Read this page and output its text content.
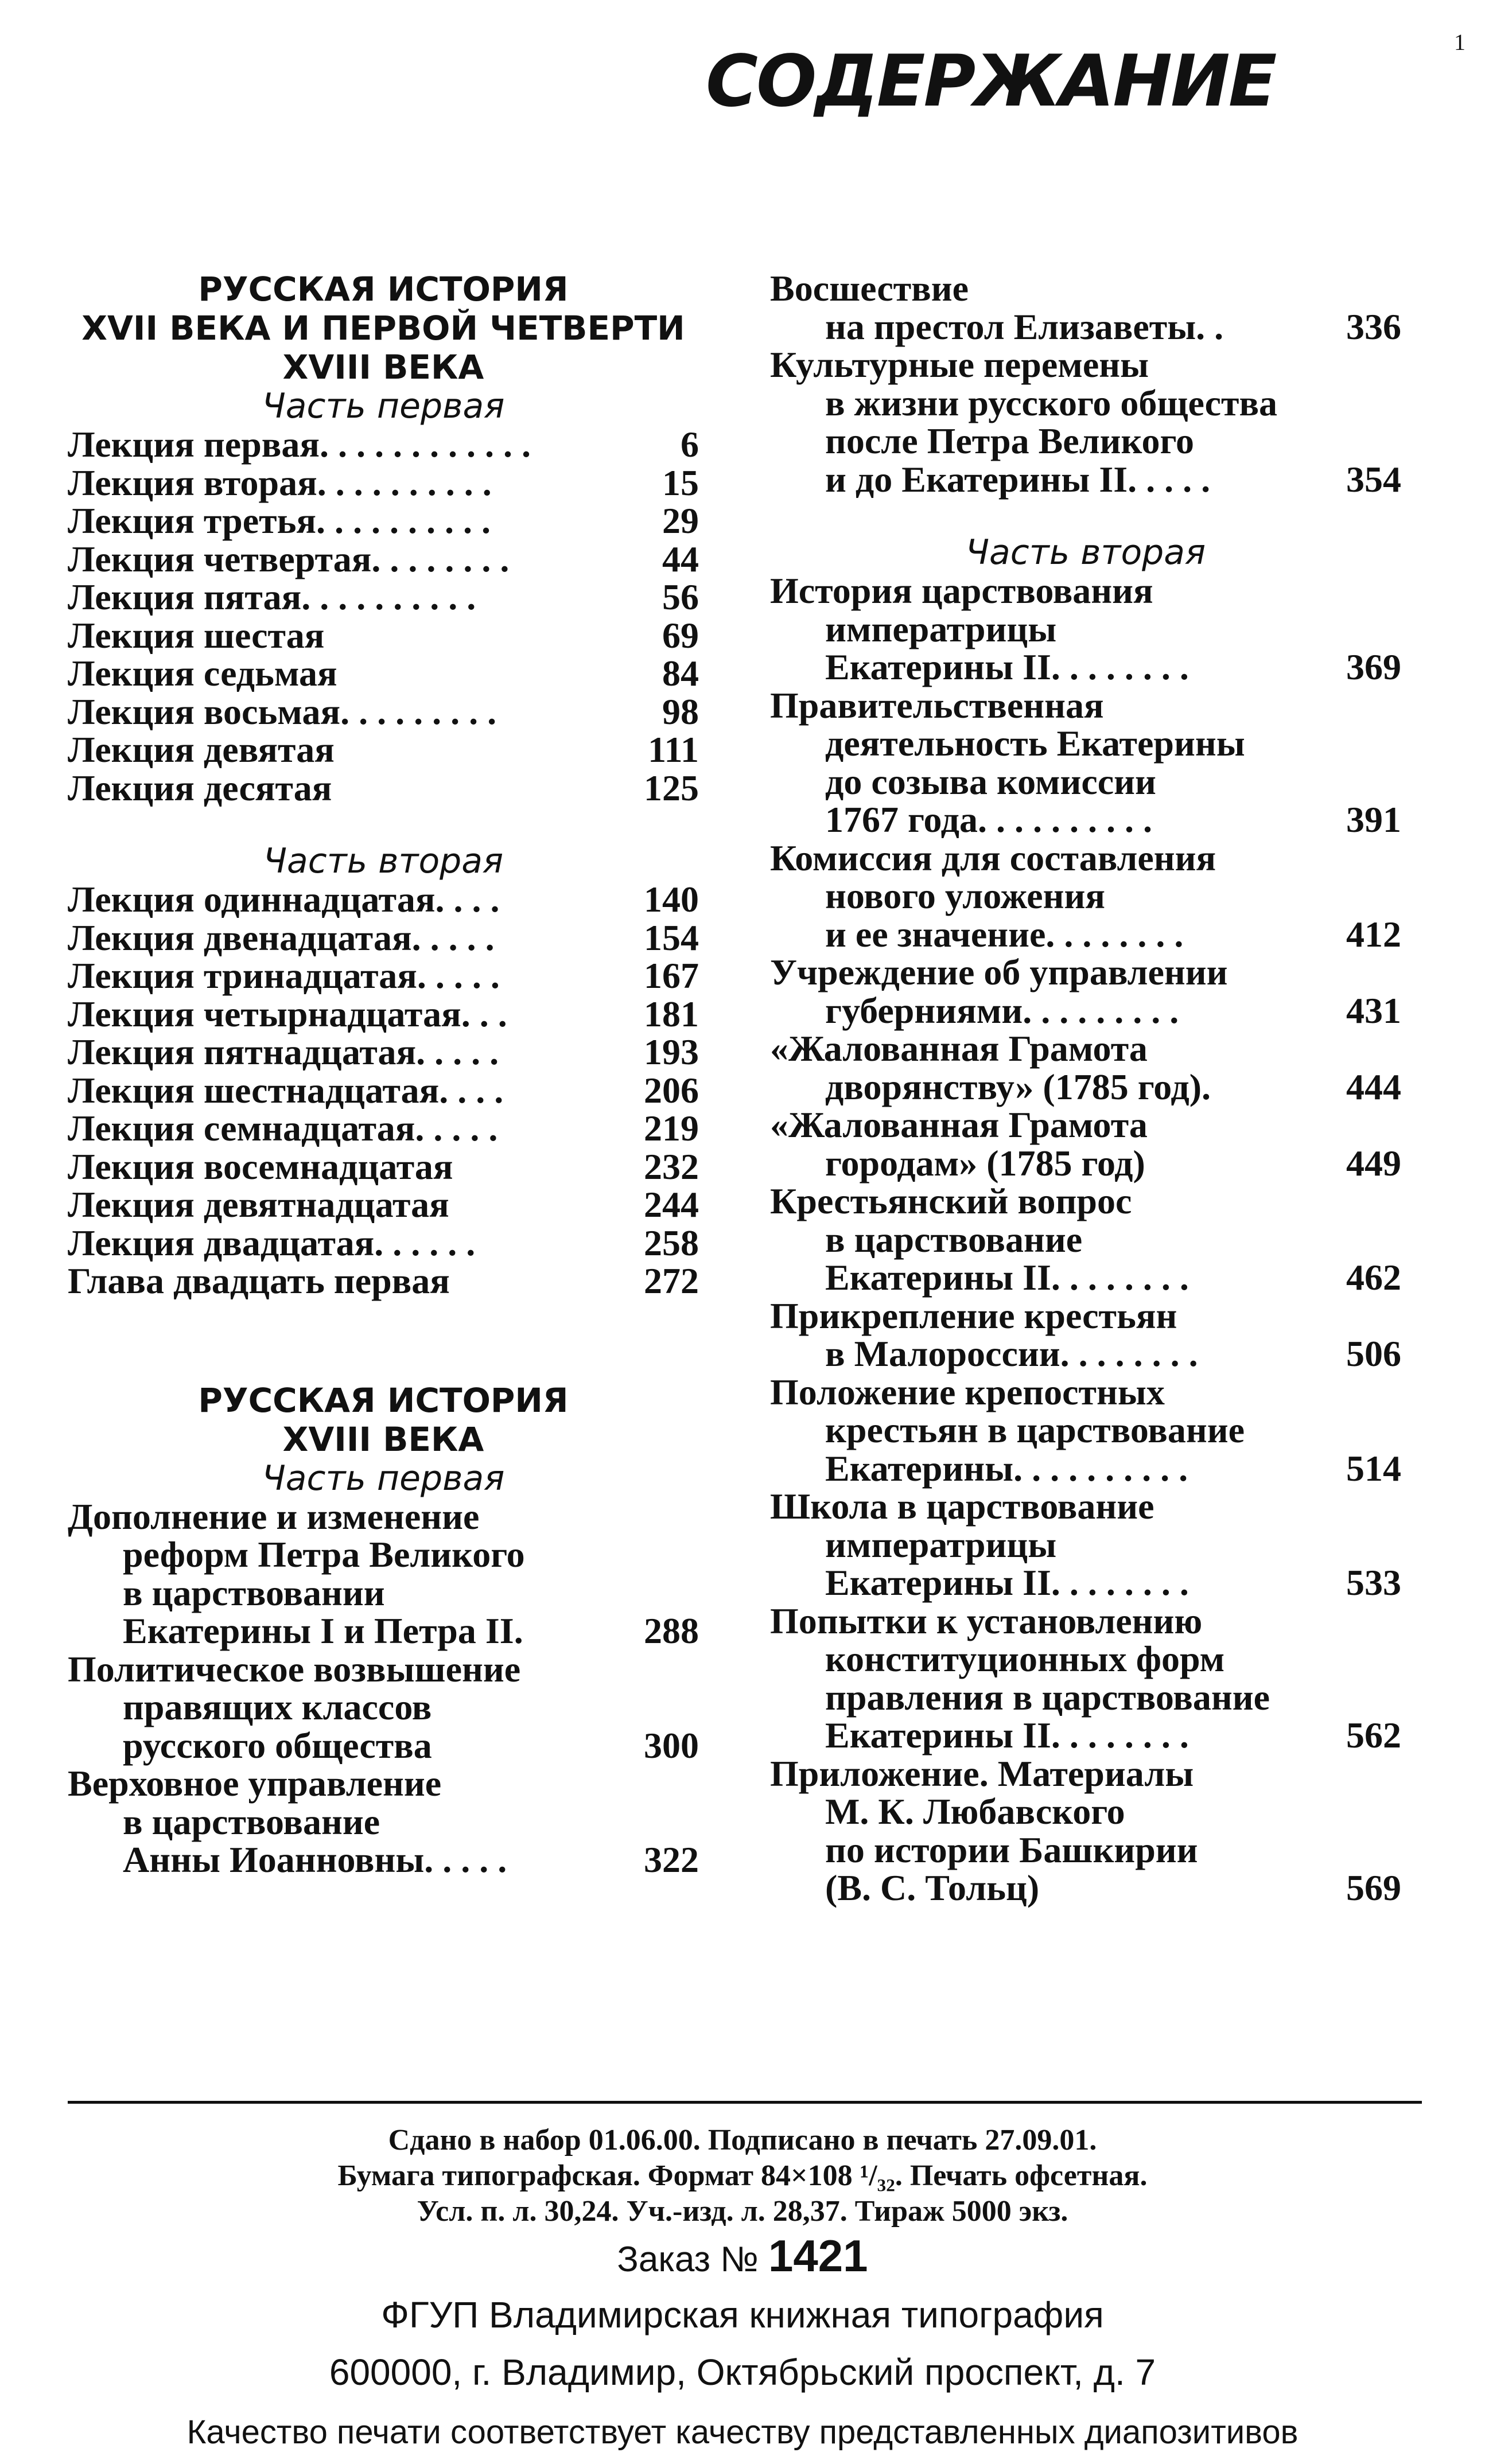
СОДЕРЖАНИЕ	1
РУССКАЯ ИСТОРИЯ
XVII ВЕКА И ПЕРВОЙ ЧЕТВЕРТИ
XVIII ВЕКА
Часть первая
Лекция первая . . . . . . . . . . . .	6
Лекция вторая . . . . . . . . . .	15
Лекция третья . . . . . . . . . .	29
Лекция четвертая . . . . . . . .	44
Лекция пятая . . . . . . . . . .	56
Лекция шестая	69
Лекция седьмая	84
Лекция восьмая . . . . . . . . .	98
Лекция девятая	111
Лекция десятая	125
Часть вторая
Лекция одиннадцатая . . . .	140
Лекция двенадцатая . . . . .	154
Лекция тринадцатая . . . . .	167
Лекция четырнадцатая . . .	181
Лекция пятнадцатая . . . . .	193
Лекция шестнадцатая . . . .	206
Лекция семнадцатая . . . . .	219
Лекция восемнадцатая	232
Лекция девятнадцатая	244
Лекция двадцатая . . . . . .	258
Глава двадцать первая	272
РУССКАЯ ИСТОРИЯ
XVIII ВЕКА
Часть первая
Дополнение и изменение
реформ Петра Великого
в царствовании
Екатерины I и Петра II .	288
Политическое возвышение
правящих классов
русского общества	300
Верховное управление
в царствование
Анны Иоанновны . . . . .	322
Восшествие
на престол Елизаветы . .	336
Культурные перемены
в жизни русского общества
после Петра Великого
и до Екатерины II . . . . .	354
Часть вторая
История царствования
императрицы
Екатерины II . . . . . . . .	369
Правительственная
деятельность Екатерины
до созыва комиссии
1767 года . . . . . . . . . .	391
Комиссия для составления
нового уложения
и ее значение . . . . . . . .	412
Учреждение об управлении
губерниями . . . . . . . . .	431
«Жалованная Грамота
дворянству» (1785 год) .	444
«Жалованная Грамота
городам» (1785 год)	449
Крестьянский вопрос
в царствование
Екатерины II . . . . . . . .	462
Прикрепление крестьян
в Малороссии . . . . . . . .	506
Положение крепостных
крестьян в царствование
Екатерины . . . . . . . . . .	514
Школа в царствование
императрицы
Екатерины II . . . . . . . .	533
Попытки к установлению
конституционных форм
правления в царствование
Екатерины II . . . . . . . .	562
Приложение. Материалы
М. К. Любавского
по истории Башкирии
(В. С. Тольц)	569
Сдано в набор 01.06.00. Подписано в печать 27.09.01.
Бумага типографская. Формат 84×108 ¹/₃₂. Печать офсетная.
Усл. п. л. 30,24. Уч.-изд. л. 28,37. Тираж 5000 экз.
Заказ № 1421
ФГУП Владимирская книжная типография
600000, г. Владимир, Октябрьский проспект, д. 7
Качество печати соответствует качеству представленных диапозитивов
